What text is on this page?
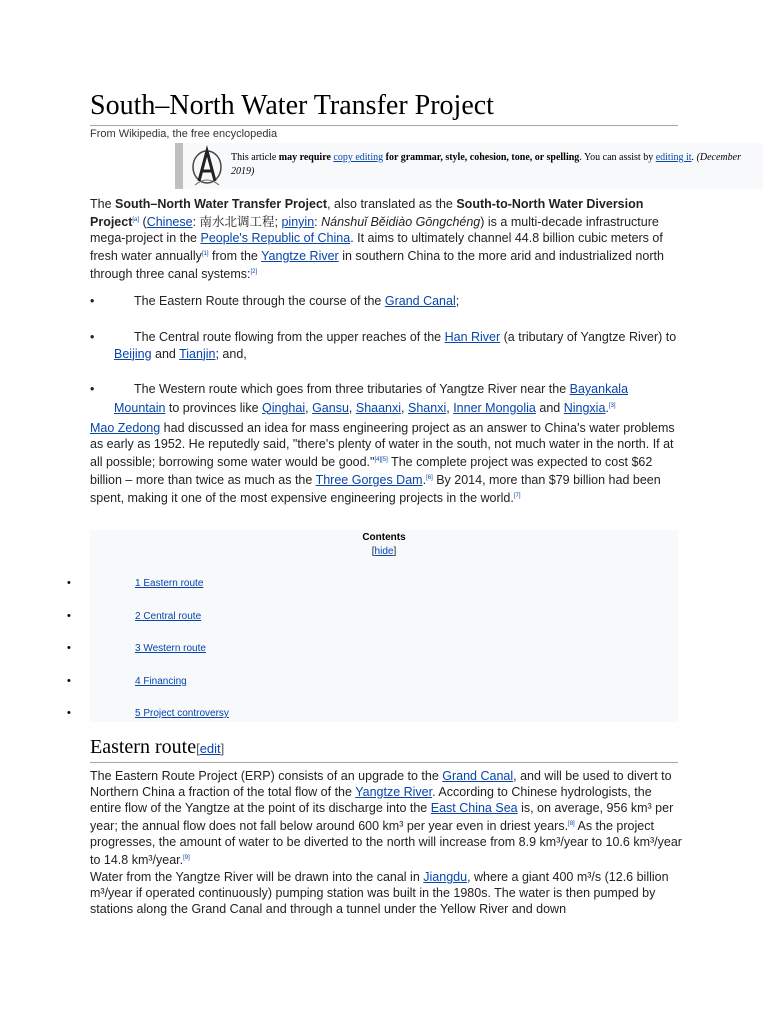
South–North Water Transfer Project
From Wikipedia, the free encyclopedia
This article may require copy editing for grammar, style, cohesion, tone, or spelling. You can assist by editing it. (December 2019)
The South–North Water Transfer Project, also translated as the South-to-North Water Diversion Project[a] (Chinese: 南水北调工程; pinyin: Nánshuǐ Běidiào Gōngchéng) is a multi-decade infrastructure mega-project in the People's Republic of China. It aims to ultimately channel 44.8 billion cubic meters of fresh water annually[1] from the Yangtze River in southern China to the more arid and industrialized north through three canal systems:[2]
•	The Eastern Route through the course of the Grand Canal;
•	The Central route flowing from the upper reaches of the Han River (a tributary of Yangtze River) to Beijing and Tianjin; and,
•	The Western route which goes from three tributaries of Yangtze River near the Bayankala Mountain to provinces like Qinghai, Gansu, Shaanxi, Shanxi, Inner Mongolia and Ningxia.[3]
Mao Zedong had discussed an idea for mass engineering project as an answer to China's water problems as early as 1952. He reputedly said, "there's plenty of water in the south, not much water in the north. If at all possible; borrowing some water would be good."[4][5] The complete project was expected to cost $62 billion – more than twice as much as the Three Gorges Dam.[6] By 2014, more than $79 billion had been spent, making it one of the most expensive engineering projects in the world.[7]
Contents
[hide]
•	1 Eastern route
•	2 Central route
•	3 Western route
•	4 Financing
•	5 Project controversy
Eastern route[edit]
The Eastern Route Project (ERP) consists of an upgrade to the Grand Canal, and will be used to divert to Northern China a fraction of the total flow of the Yangtze River. According to Chinese hydrologists, the entire flow of the Yangtze at the point of its discharge into the East China Sea is, on average, 956 km³ per year; the annual flow does not fall below around 600 km³ per year even in driest years.[8] As the project progresses, the amount of water to be diverted to the north will increase from 8.9 km³/year to 10.6 km³/year to 14.8 km³/year.[9]
Water from the Yangtze River will be drawn into the canal in Jiangdu, where a giant 400 m³/s (12.6 billion m³/year if operated continuously) pumping station was built in the 1980s. The water is then pumped by stations along the Grand Canal and through a tunnel under the Yellow River and down
